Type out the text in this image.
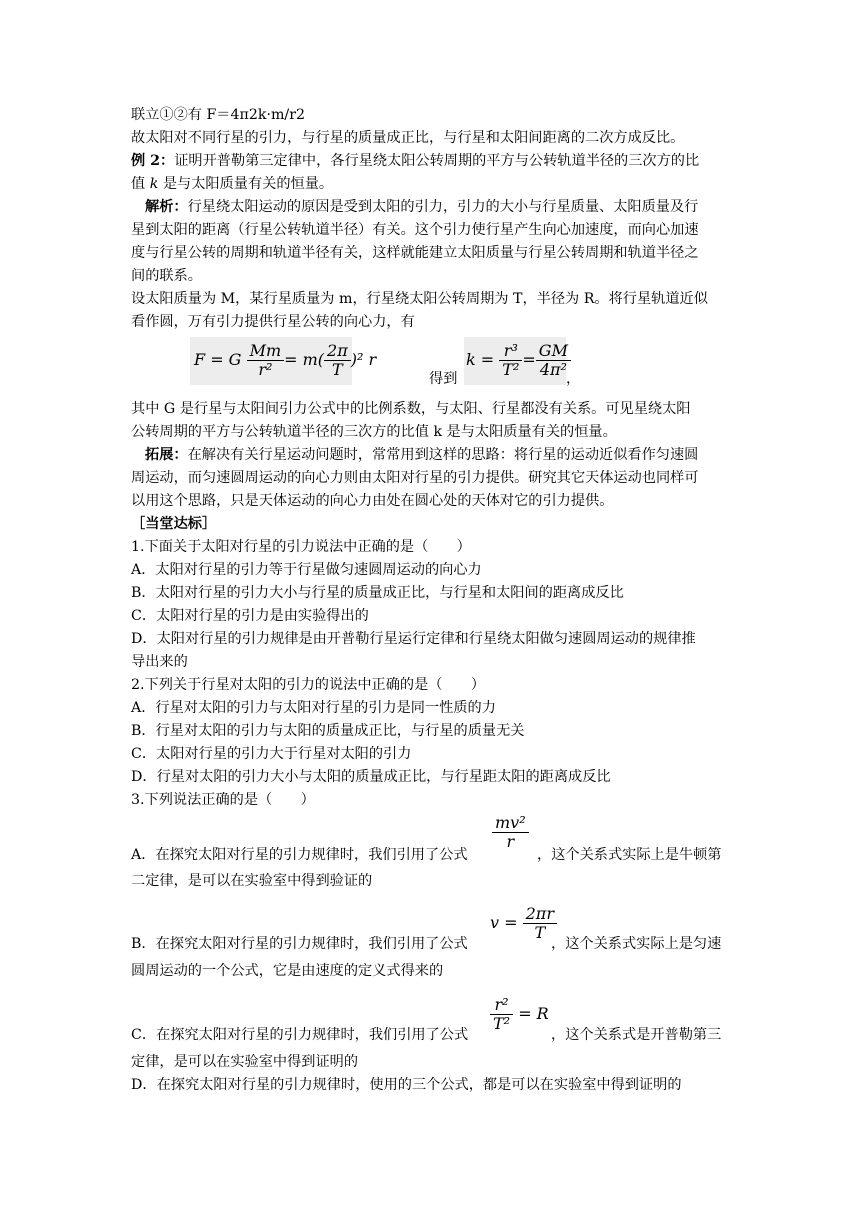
联立①②有 F＝4π2k·m/r2
故太阳对不同行星的引力，与行星的质量成正比，与行星和太阳间距离的二次方成反比。
例 2：证明开普勒第三定律中，各行星绕太阳公转周期的平方与公转轨道半径的三次方的比
值 k 是与太阳质量有关的恒量。
解析：行星绕太阳运动的原因是受到太阳的引力，引力的大小与行星质量、太阳质量及行
星到太阳的距离（行星公转轨道半径）有关。这个引力使行星产生向心加速度，而向心加速
度与行星公转的周期和轨道半径有关，这样就能建立太阳质量与行星公转周期和轨道半径之
间的联系。
设太阳质量为 M，某行星质量为 m，行星绕太阳公转周期为 T，半径为 R。将行星轨道近似
看作圆，万有引力提供行星公转的向心力，有
F = G $\frac{Mm}{\text{r²}} = m( \frac{2\pi}{T} )^2$ r
得到
$k = \frac{\text{r³}}{\text{T²}} = \frac{GM}{\text{4π²}}$
，
其中 G 是行星与太阳间引力公式中的比例系数，与太阳、行星都没有关系。可见星绕太阳
公转周期的平方与公转轨道半径的三次方的比值 k 是与太阳质量有关的恒量。
拓展：在解决有关行星运动问题时，常常用到这样的思路：将行星的运动近似看作匀速圆
周运动，而匀速圆周运动的向心力则由太阳对行星的引力提供。研究其它天体运动也同样可
以用这个思路，只是天体运动的向心力由处在圆心处的天体对它的引力提供。
［当堂达标］
1.下面关于太阳对行星的引力说法中正确的是（　　）
A．太阳对行星的引力等于行星做匀速圆周运动的向心力
B．太阳对行星的引力大小与行星的质量成正比，与行星和太阳间的距离成反比
C．太阳对行星的引力是由实验得出的
D．太阳对行星的引力规律是由开普勒行星运行定律和行星绕太阳做匀速圆周运动的规律推
导出来的
2.下列关于行星对太阳的引力的说法中正确的是（　　）
A．行星对太阳的引力与太阳对行星的引力是同一性质的力
B．行星对太阳的引力与太阳的质量成正比，与行星的质量无关
C．太阳对行星的引力大于行星对太阳的引力
D．行星对太阳的引力大小与太阳的质量成正比，与行星距太阳的距离成反比
3.下列说法正确的是（　　）
$\frac{\text{mv²}}{r}$
A．在探究太阳对行星的引力规律时，我们引用了公式	，这个关系式实际上是牛顿第
二定律，是可以在实验室中得到验证的
$v = \frac{2\pi r}{T}$
B．在探究太阳对行星的引力规律时，我们引用了公式	，这个关系式实际上是匀速
圆周运动的一个公式，它是由速度的定义式得来的
$\frac{\text{r²}}{\text{T²}} = R$
C．在探究太阳对行星的引力规律时，我们引用了公式	，这个关系式是开普勒第三
定律，是可以在实验室中得到证明的
D．在探究太阳对行星的引力规律时，使用的三个公式，都是可以在实验室中得到证明的
